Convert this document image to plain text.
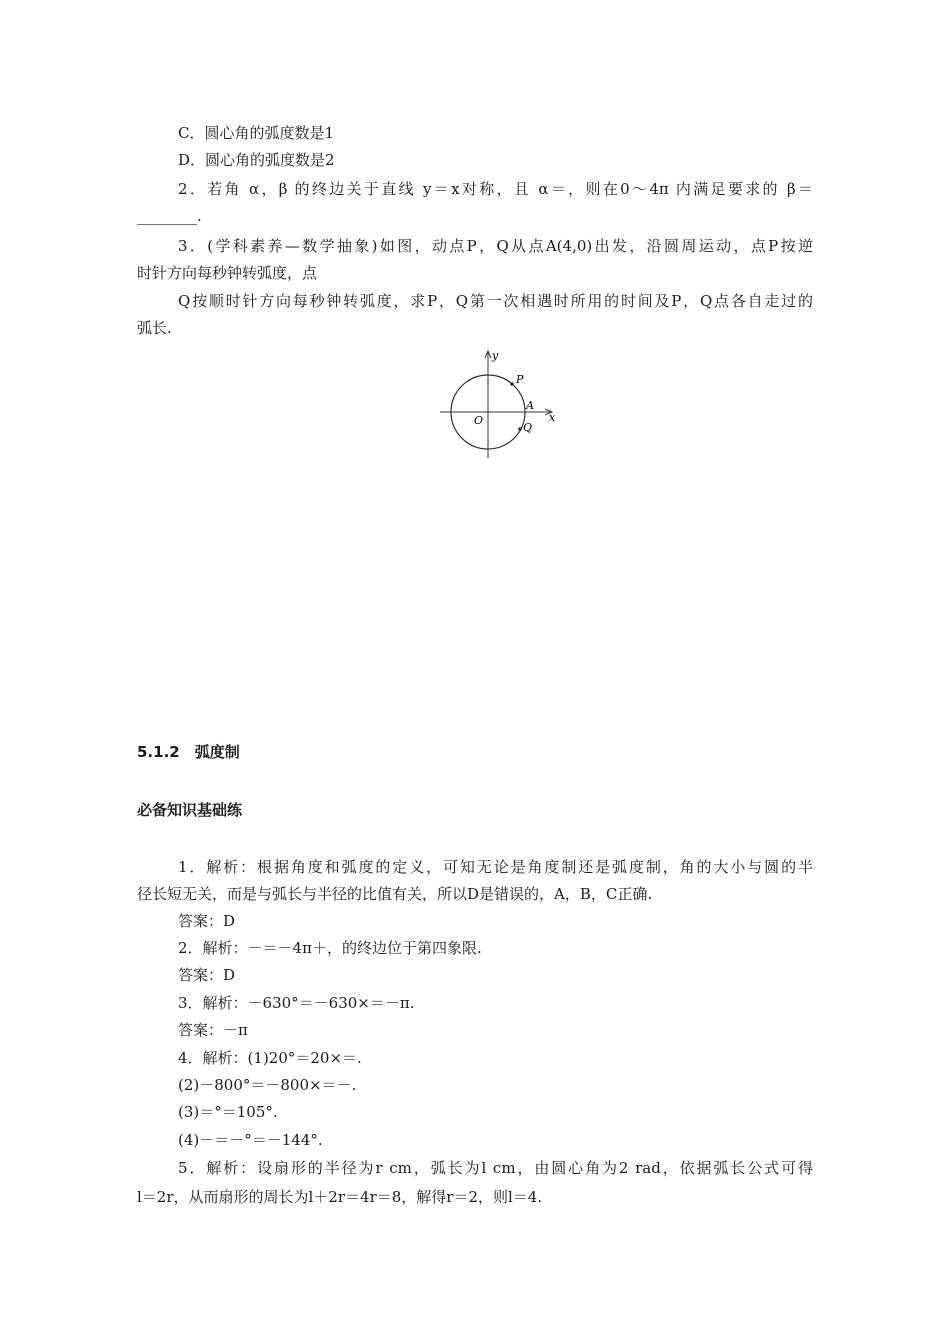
C．圆心角的弧度数是1
D．圆心角的弧度数是2
2．若角 α，β 的终边关于直线 y＝x对称，且 α＝，则在0～4π 内满足要求的 β＝
________.
3．(学科素养—数学抽象)如图，动点P，Q从点A(4,0)出发，沿圆周运动，点P按逆
时针方向每秒钟转弧度，点
Q按顺时针方向每秒钟转弧度，求P，Q第一次相遇时所用的时间及P，Q点各自走过的
弧长.
y
x
O
P
A
Q
5.1.2　弧度制
必备知识基础练
1．解析：根据角度和弧度的定义，可知无论是角度制还是弧度制，角的大小与圆的半
径长短无关，而是与弧长与半径的比值有关，所以D是错误的，A，B，C正确.
答案：D
2．解析：－＝－4π＋，的终边位于第四象限.
答案：D
3．解析：－630°＝－630×＝－π.
答案：－π
4．解析：(1)20°＝20×＝.
(2)－800°＝－800×＝－.
(3)＝°＝105°.
(4)－＝－°＝－144°.
5．解析：设扇形的半径为r cm，弧长为l cm，由圆心角为2 rad，依据弧长公式可得
l＝2r，从而扇形的周长为l＋2r＝4r＝8，解得r＝2，则l＝4.
